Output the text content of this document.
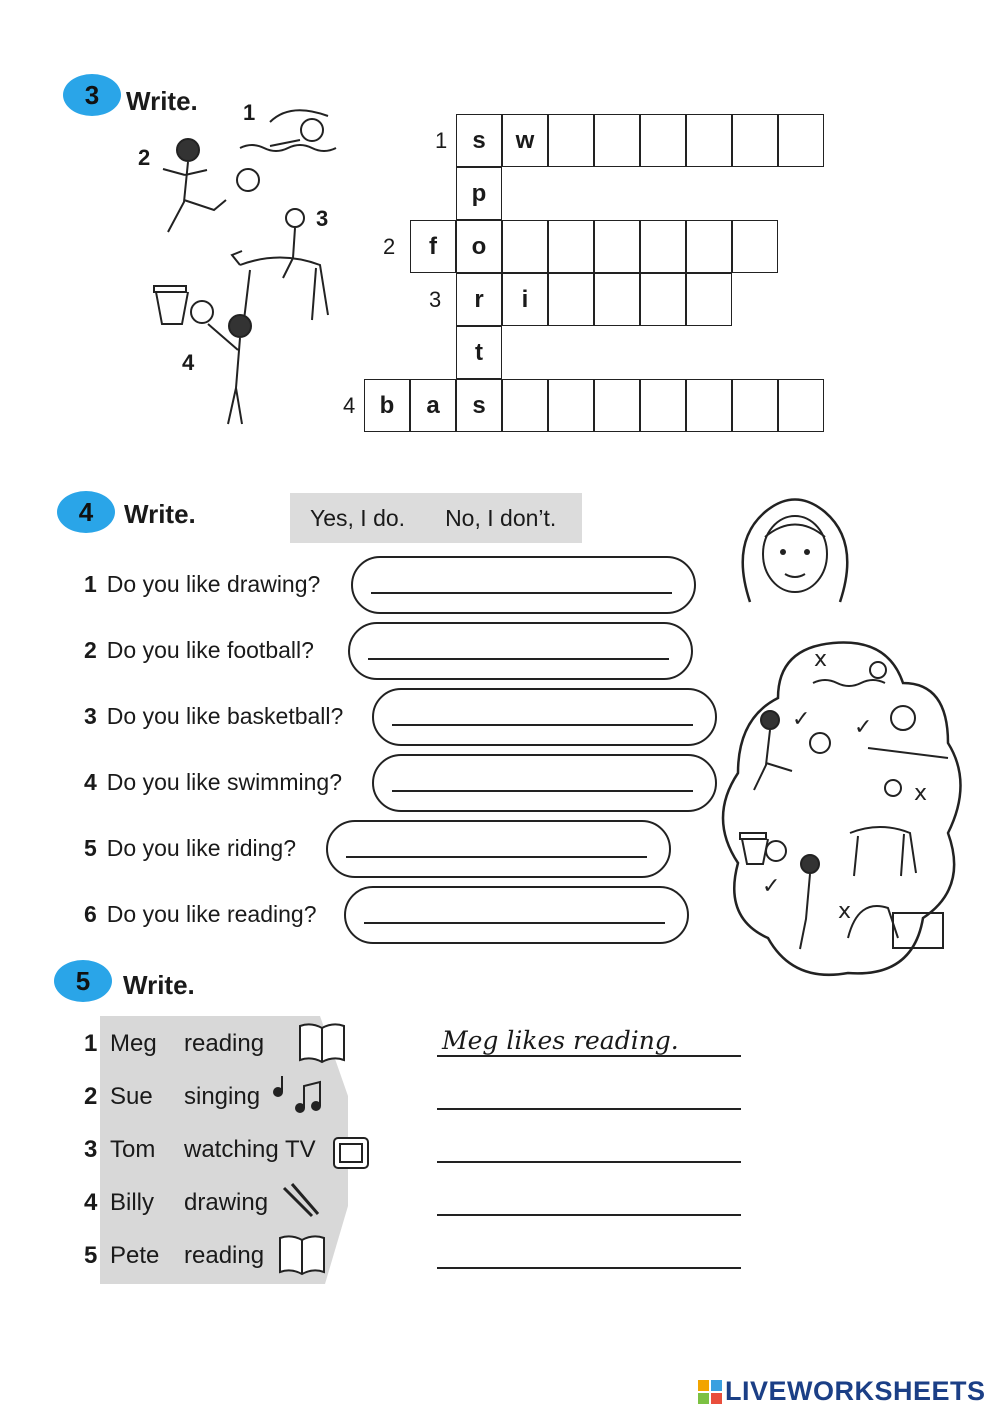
3	Write. 1
2
3
4
1
2
3
4
s	w
p
f	o
r	i
t
b	a	s
4	Write.	Yes, I do. No, I don’t.
1 Do you like drawing?
2 Do you like football?
3 Do you like basketball?
4 Do you like swimming?
5 Do you like riding?
6 Do you like reading?
x
✓ ✓
x
✓
x
5	Write.
1 Meg reading
2 Sue singing
3 Tom watching TV
4 Billy drawing
5 Pete reading
Meg likes reading.
LIVEWORKSHEETS
